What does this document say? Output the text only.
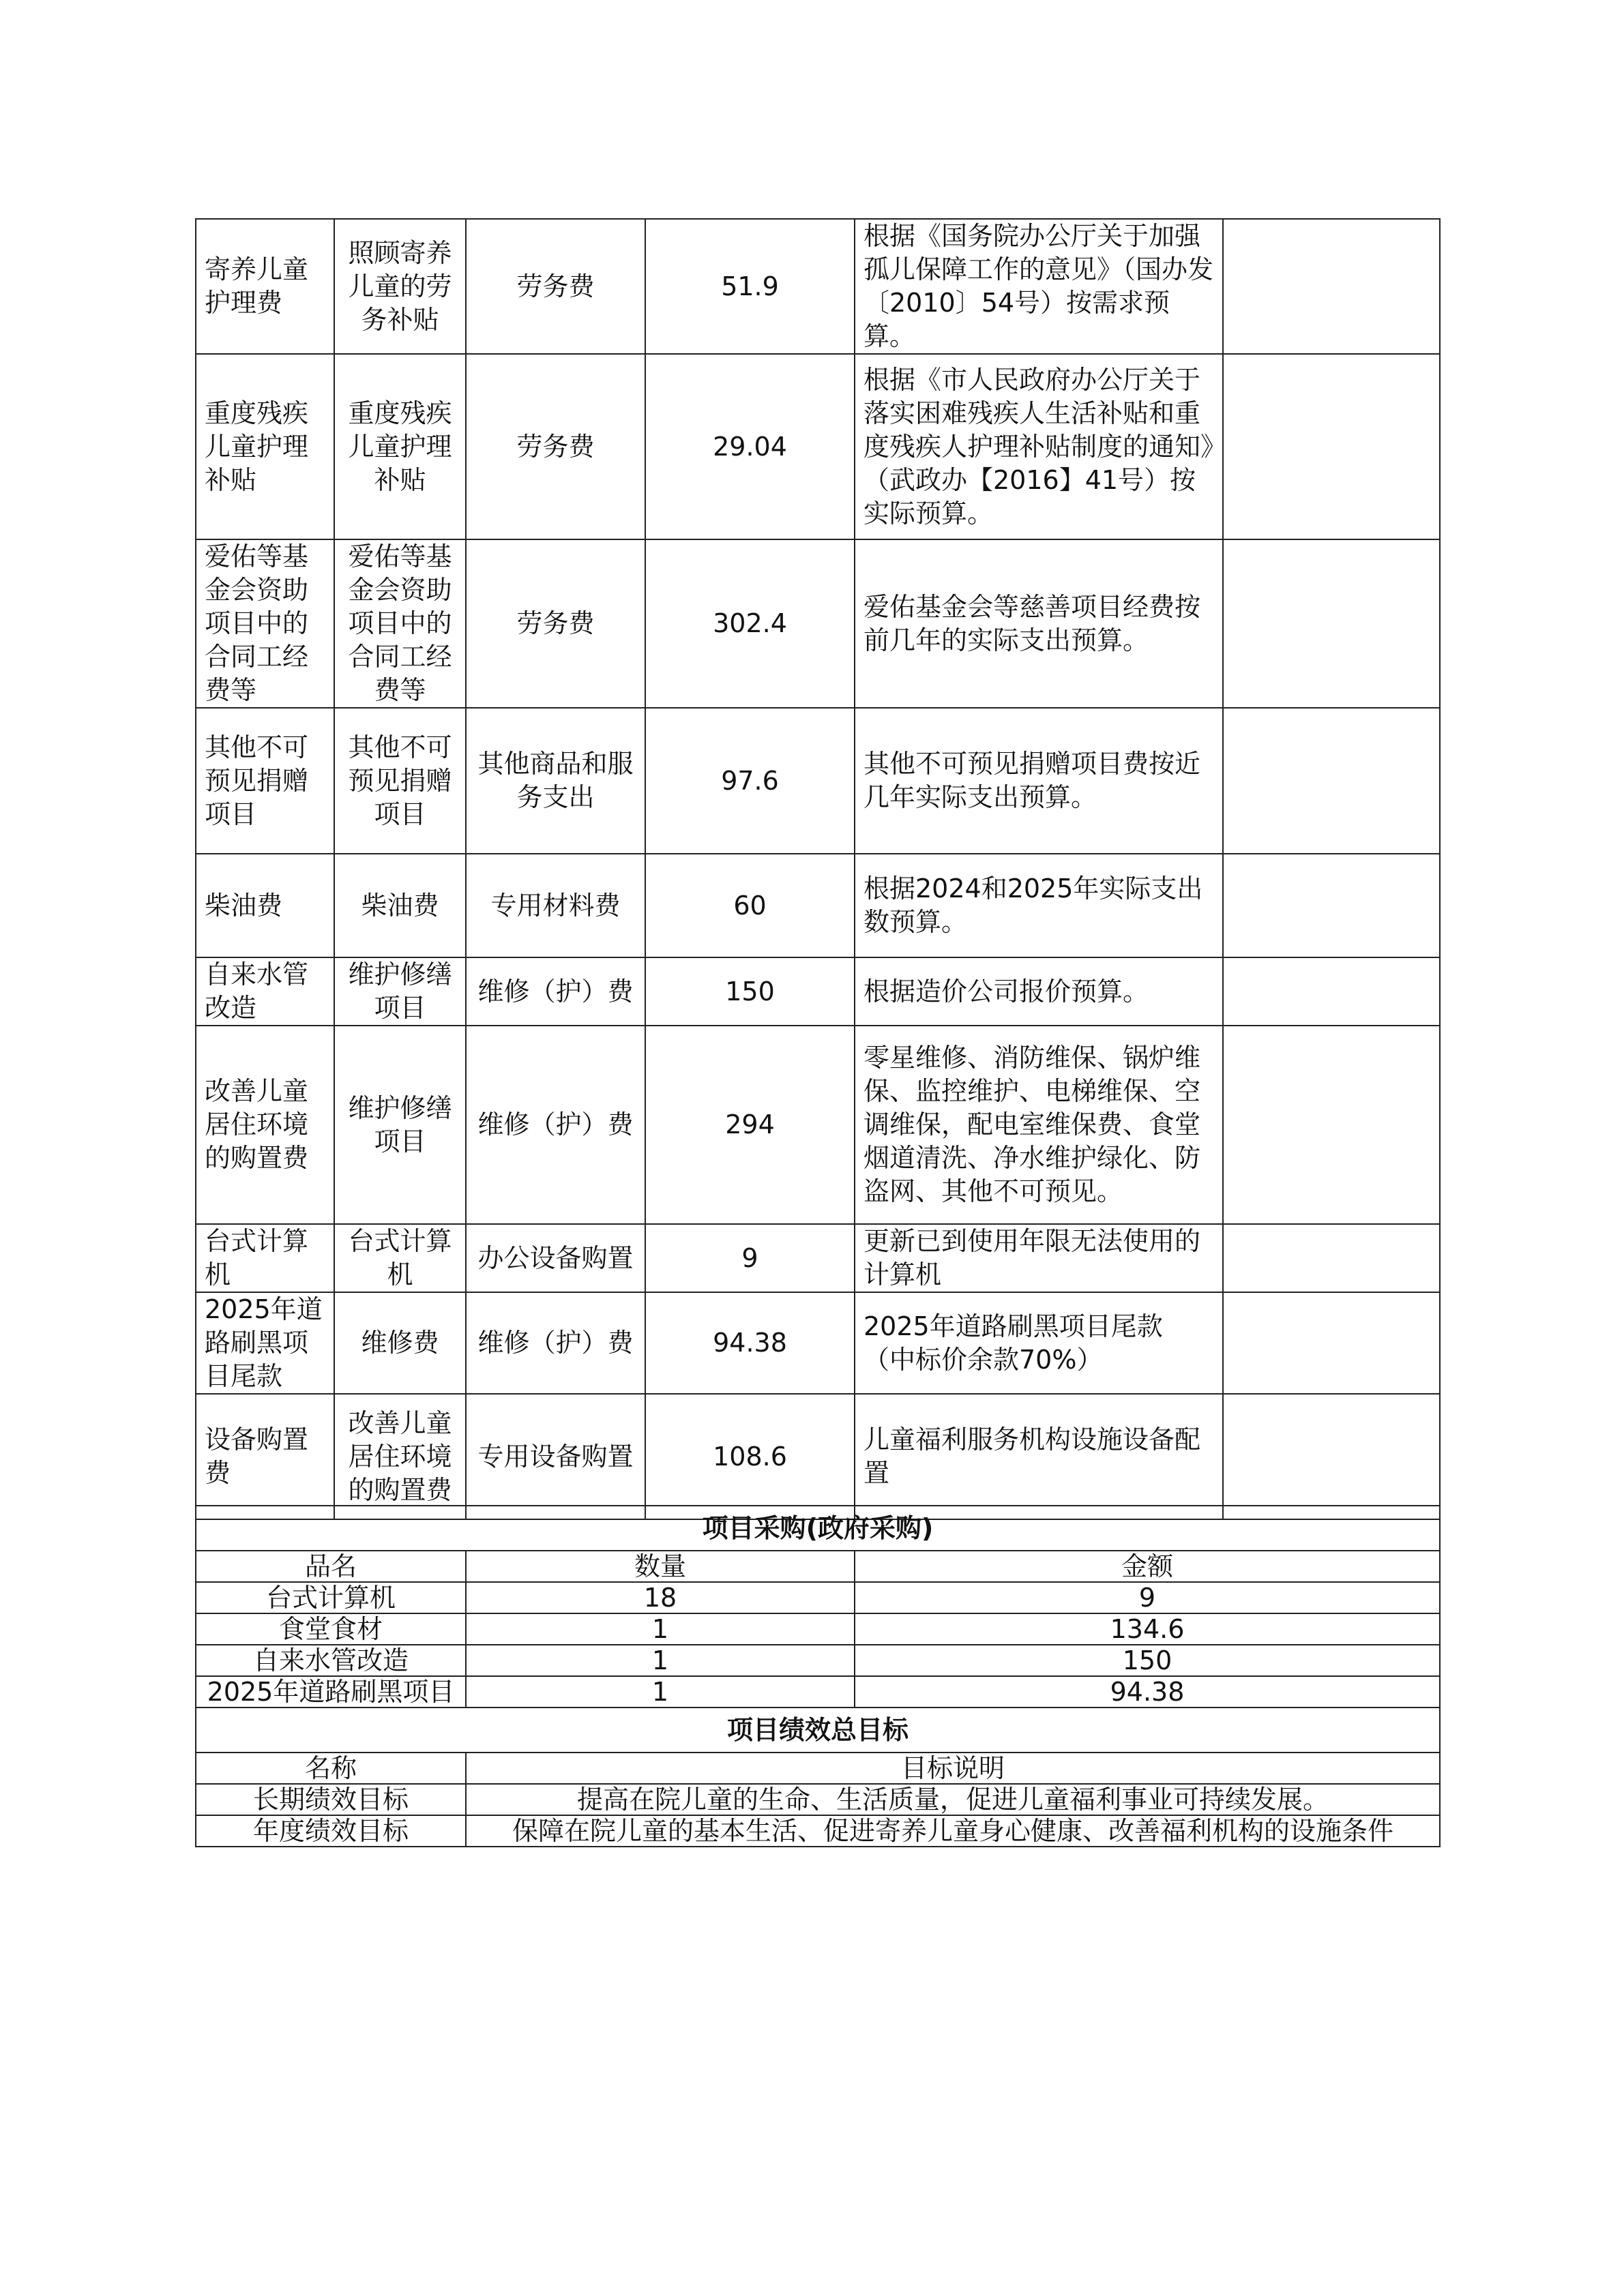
寄养儿童护理费	照顾寄养儿童的劳务补贴	劳务费	51.9	根据《国务院办公厅关于加强孤儿保障工作的意见》（国办发 〔2010〕54号）按需求预算。	
重度残疾儿童护理补贴	重度残疾儿童护理补贴	劳务费	29.04	根据《市人民政府办公厅关于落实困难残疾人生活补贴和重度残疾人护理补贴制度的通知》（武政办【2016】41号）按实际预算。	
爱佑等基金会资助项目中的合同工经费等	爱佑等基金会资助项目中的合同工经费等	劳务费	302.4	爱佑基金会等慈善项目经费按前几年的实际支出预算。	
其他不可预见捐赠项目	其他不可预见捐赠项目	其他商品和服务支出	97.6	其他不可预见捐赠项目费按近几年实际支出预算。	
柴油费	柴油费	专用材料费	60	根据2024和2025年实际支出数预算。	
自来水管改造	维护修缮项目	维修（护）费	150	根据造价公司报价预算。	
改善儿童居住环境的购置费	维护修缮项目	维修（护）费	294	零星维修、消防维保、锅炉维保、监控维护、电梯维保、空调维保，配电室维保费、食堂烟道清洗、净水维护绿化、防盗网、其他不可预见。	
台式计算机	台式计算机	办公设备购置	9	更新已到使用年限无法使用的计算机	
2025年道路刷黑项目尾款	维修费	维修（护）费	94.38	2025年道路刷黑项目尾款（中标价余款70%）	
设备购置费	改善儿童居住环境的购置费	专用设备购置	108.6	儿童福利服务机构设施设备配置	
项目采购(政府采购)		
品名	数量	金额
台式计算机	18	9
食堂食材	1	134.6
自来水管改造	1	150
2025年道路刷黑项目	1	94.38
项目绩效总目标		
名称	目标说明	
长期绩效目标	提高在院儿童的生命、生活质量，促进儿童福利事业可持续发展。	
年度绩效目标	保障在院儿童的基本生活、促进寄养儿童身心健康、改善福利机构的设施条件	
